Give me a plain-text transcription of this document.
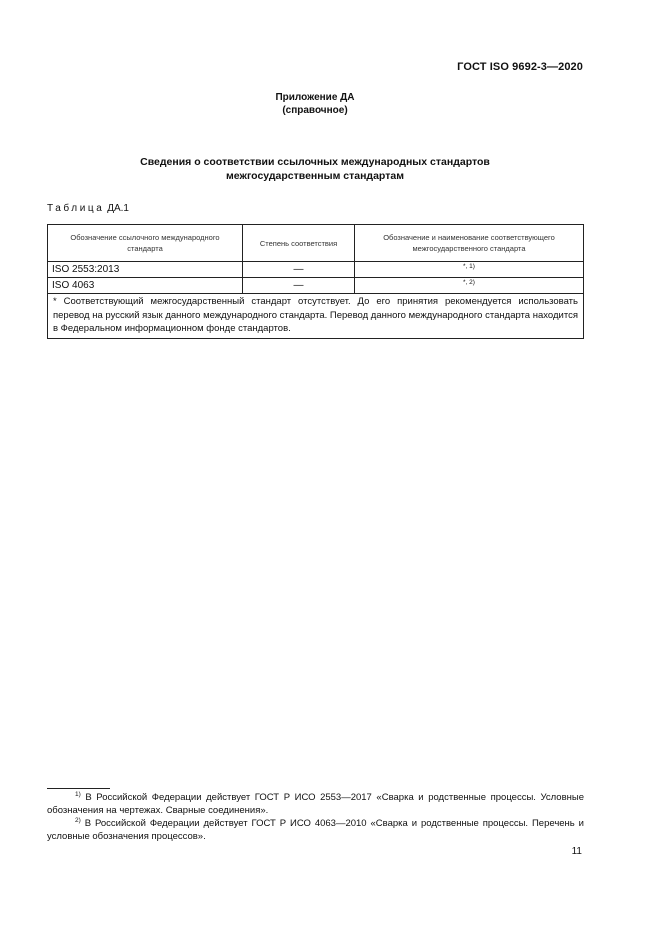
ГОСТ ISO 9692-3—2020
Приложение ДА
(справочное)
Сведения о соответствии ссылочных международных стандартов
межгосударственным стандартам
Таблица ДА.1
Обозначение ссылочного международного стандарта	Степень соответствия	Обозначение и наименование соответствующего межгосударственного стандарта
ISO 2553:2013	—	$^{*, 1)}$
ISO 4063	—	$^{*, 2)}$
* Соответствующий межгосударственный стандарт отсутствует. До его принятия рекомендуется использовать перевод на русский язык данного международного стандарта. Перевод данного международного стандарта находится в Федеральном информационном фонде стандартов.		

$^{1)}$ В Российской Федерации действует ГОСТ Р ИСО 2553—2017 «Сварка и родственные процессы. Условные обозначения на чертежах. Сварные соединения».

$^{2)}$ В Российской Федерации действует ГОСТ Р ИСО 4063—2010 «Сварка и родственные процессы. Перечень и условные обозначения процессов».

11
